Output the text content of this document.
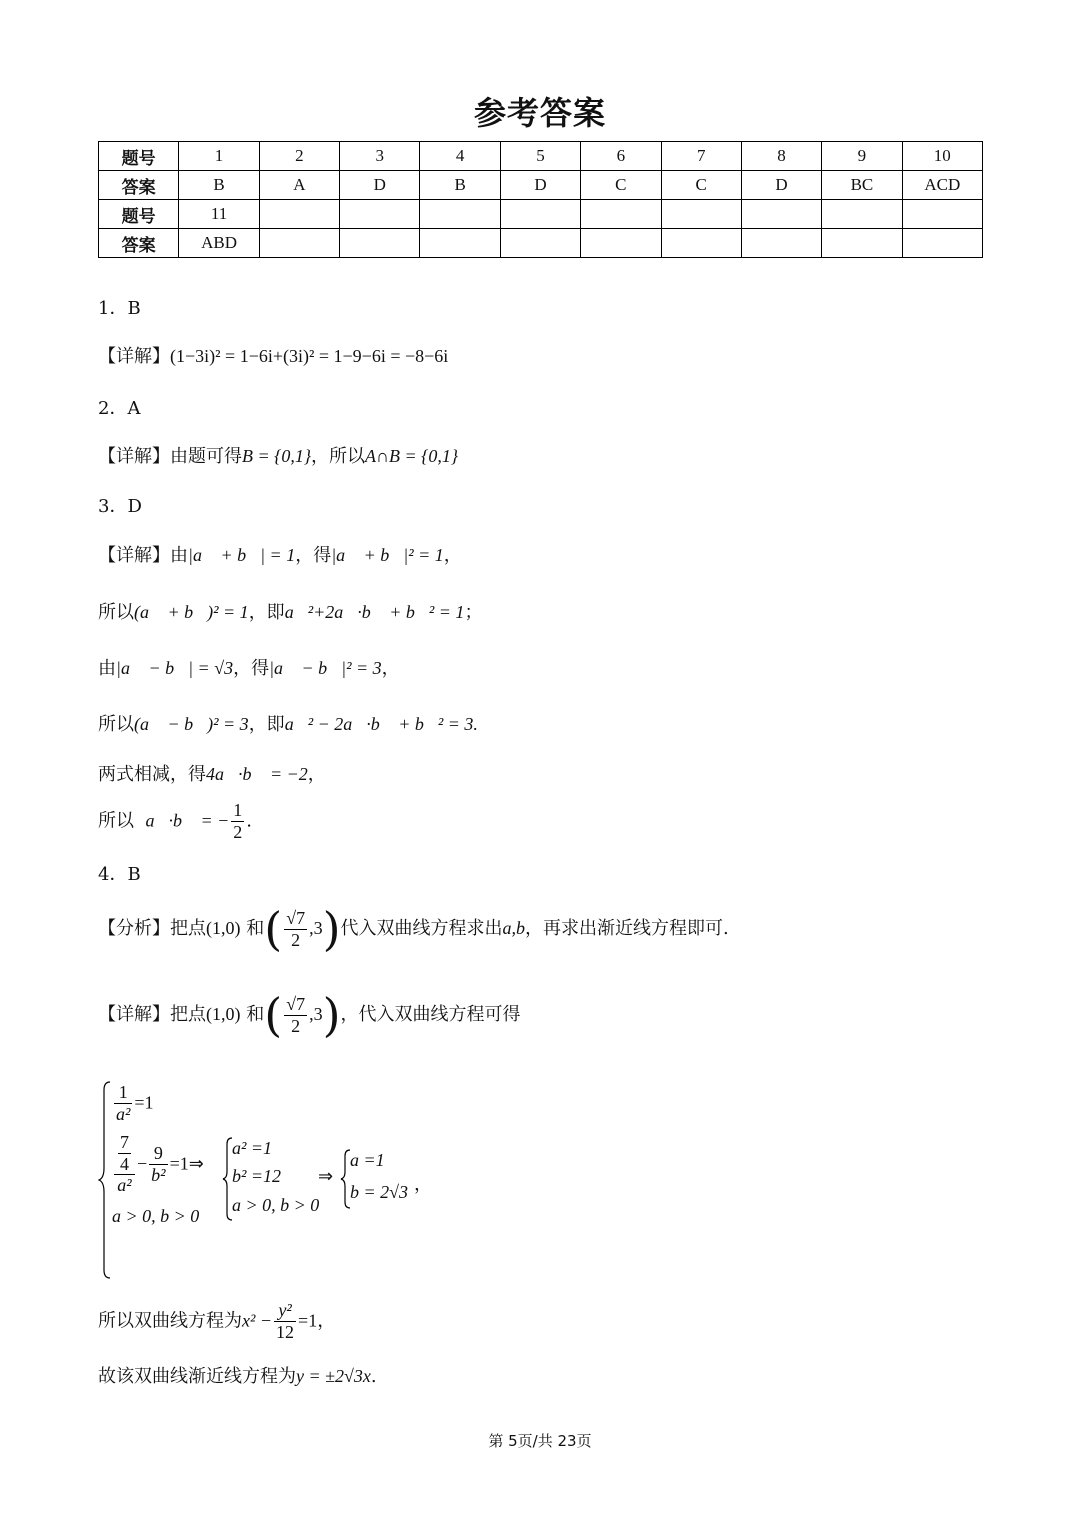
参考答案
题号	1	2	3	4	5	6	7	8	9	10
答案	B	A	D	B	D	C	C	D	BC	ACD
题号	11									
答案	ABD									
1．B
【详解】(1−3i)² = 1−6i+(3i)² = 1−9−6i = −8−6i
2．A
【详解】由题可得B = {0,1}，所以A∩B = {0,1}
3．D
【详解】由|a⃗ + b⃗| = 1，得|a⃗ + b⃗|² = 1，
所以(a⃗ + b⃗)² = 1，即a⃗²+2a⃗·b⃗ + b⃗² = 1；
由|a⃗ − b⃗| = √3，得|a⃗ − b⃗|² = 3，
所以(a⃗ − b⃗)² = 3，即a⃗² − 2a⃗·b⃗ + b⃗² = 3.
两式相减，得4a⃗·b⃗ = −2，
所以 a⃗·b⃗ = − $\frac{1}{2}$ .
4．B
【分析】把点(1,0) 和( $\frac{√7}{2} ,3$)代入双曲线方程求出a,b，再求出渐近线方程即可.
【详解】把点(1,0) 和( $\frac{√7}{2} ,3$)，代入双曲线方程可得
$\frac{1}{\text{a²}} =1$
$\frac{\frac{7}{4}}{\text{a²}} - \frac{9}{\text{b²}}$ =1⇒
a > 0, b > 0
a² =1
b² =12
a > 0, b > 0
⇒
a =1
b = 2√3 ，
所以双曲线方程为$x^2 - \frac{\text{y²}}{12} =1$，
故该双曲线渐近线方程为y = ±2√3x.
第 5页/共 23页
